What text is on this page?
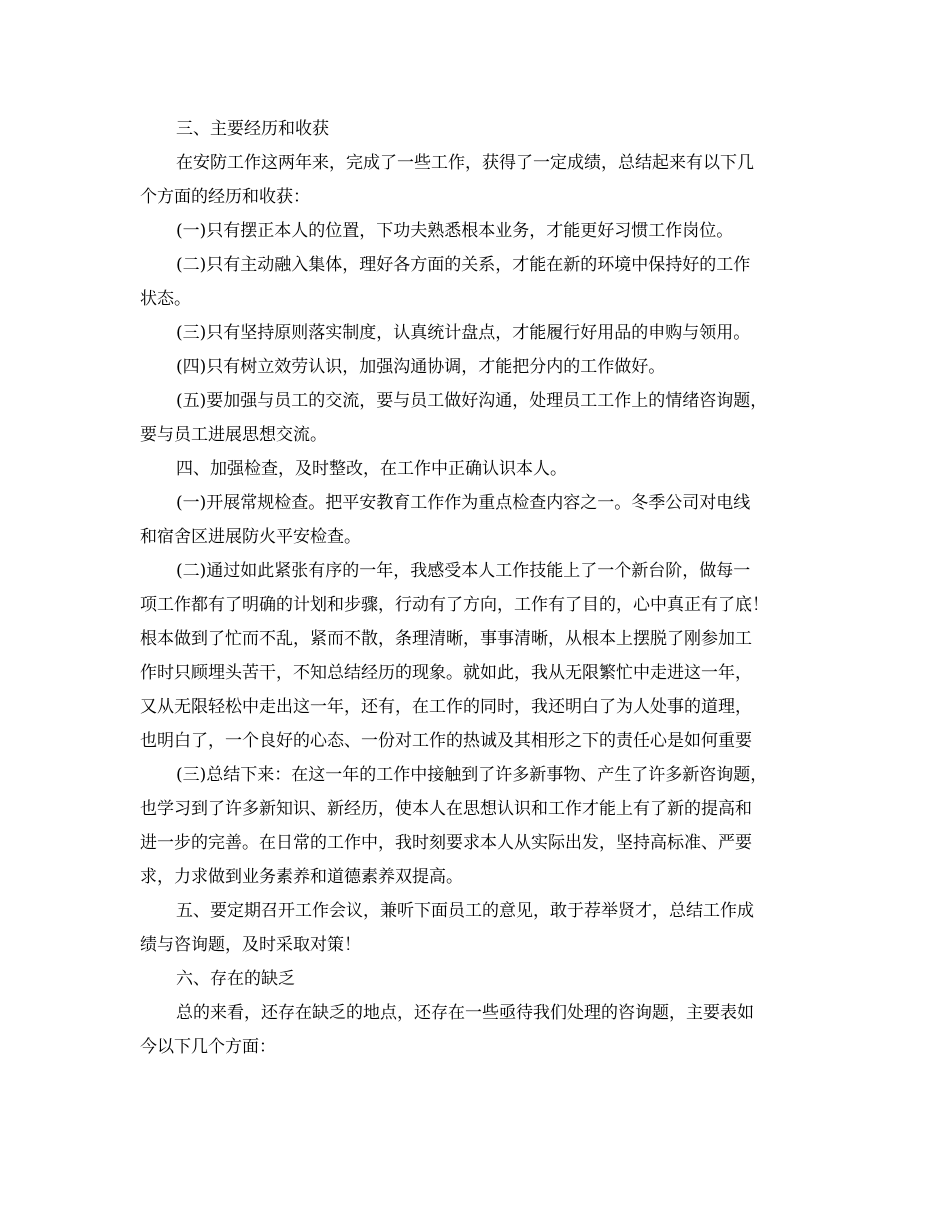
三、主要经历和收获
在安防工作这两年来，完成了一些工作，获得了一定成绩，总结起来有以下几
个方面的经历和收获：
(一)只有摆正本人的位置，下功夫熟悉根本业务，才能更好习惯工作岗位。
(二)只有主动融入集体，理好各方面的关系，才能在新的环境中保持好的工作
状态。
(三)只有坚持原则落实制度，认真统计盘点，才能履行好用品的申购与领用。
(四)只有树立效劳认识，加强沟通协调，才能把分内的工作做好。
(五)要加强与员工的交流，要与员工做好沟通，处理员工工作上的情绪咨询题，
要与员工进展思想交流。
四、加强检查，及时整改，在工作中正确认识本人。
(一)开展常规检查。把平安教育工作作为重点检查内容之一。冬季公司对电线
和宿舍区进展防火平安检查。
(二)通过如此紧张有序的一年，我感受本人工作技能上了一个新台阶，做每一
项工作都有了明确的计划和步骤，行动有了方向，工作有了目的，心中真正有了底！
根本做到了忙而不乱，紧而不散，条理清晰，事事清晰，从根本上摆脱了刚参加工
作时只顾埋头苦干，不知总结经历的现象。就如此，我从无限繁忙中走进这一年，
又从无限轻松中走出这一年，还有，在工作的同时，我还明白了为人处事的道理，
也明白了，一个良好的心态、一份对工作的热诚及其相形之下的责任心是如何重要
(三)总结下来：在这一年的工作中接触到了许多新事物、产生了许多新咨询题，
也学习到了许多新知识、新经历，使本人在思想认识和工作才能上有了新的提高和
进一步的完善。在日常的工作中，我时刻要求本人从实际出发，坚持高标准、严要
求，力求做到业务素养和道德素养双提高。
五、要定期召开工作会议，兼听下面员工的意见，敢于荐举贤才，总结工作成
绩与咨询题，及时采取对策！
六、存在的缺乏
总的来看，还存在缺乏的地点，还存在一些亟待我们处理的咨询题，主要表如
今以下几个方面：
